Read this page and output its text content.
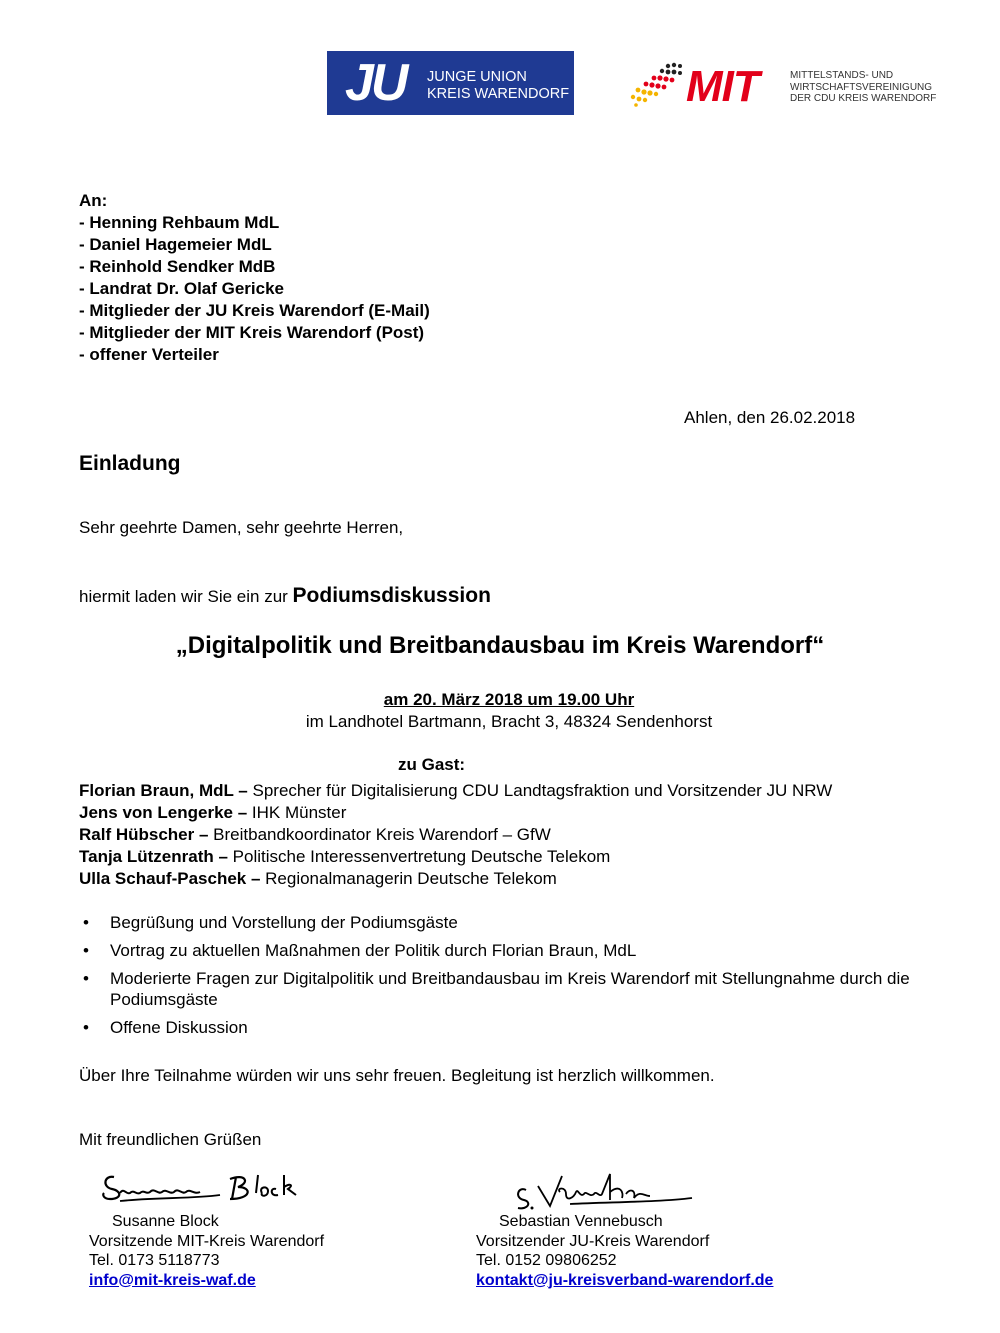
JU JUNGE UNION
KREIS WARENDORF	MIT	MITTELSTANDS- UND
WIRTSCHAFTSVEREINIGUNG
DER CDU KREIS WARENDORF
An:
- Henning Rehbaum MdL
- Daniel Hagemeier MdL
- Reinhold Sendker MdB
- Landrat Dr. Olaf Gericke
- Mitglieder der JU Kreis Warendorf (E-Mail)
- Mitglieder der MIT Kreis Warendorf (Post)
- offener Verteiler
Ahlen, den 26.02.2018
Einladung
Sehr geehrte Damen, sehr geehrte Herren,
hiermit laden wir Sie ein zur Podiumsdiskussion
„Digitalpolitik und Breitbandausbau im Kreis Warendorf“
am 20. März 2018 um 19.00 Uhr
im Landhotel Bartmann, Bracht 3, 48324 Sendenhorst
zu Gast:
Florian Braun, MdL – Sprecher für Digitalisierung CDU Landtagsfraktion und Vorsitzender JU NRW
Jens von Lengerke – IHK Münster
Ralf Hübscher – Breitbandkoordinator Kreis Warendorf – GfW
Tanja Lützenrath – Politische Interessenvertretung Deutsche Telekom
Ulla Schauf-Paschek – Regionalmanagerin Deutsche Telekom
• Begrüßung und Vorstellung der Podiumsgäste
• Vortrag zu aktuellen Maßnahmen der Politik durch Florian Braun, MdL
• Moderierte Fragen zur Digitalpolitik und Breitbandausbau im Kreis Warendorf mit Stellungnahme durch die Podiumsgäste
• Offene Diskussion
Über Ihre Teilnahme würden wir uns sehr freuen. Begleitung ist herzlich willkommen.
Mit freundlichen Grüßen
Susanne Block
Vorsitzende MIT-Kreis Warendorf
Tel. 0173 5118773
info@mit-kreis-waf.de
Sebastian Vennebusch
Vorsitzender JU-Kreis Warendorf
Tel. 0152 09806252
kontakt@ju-kreisverband-warendorf.de
